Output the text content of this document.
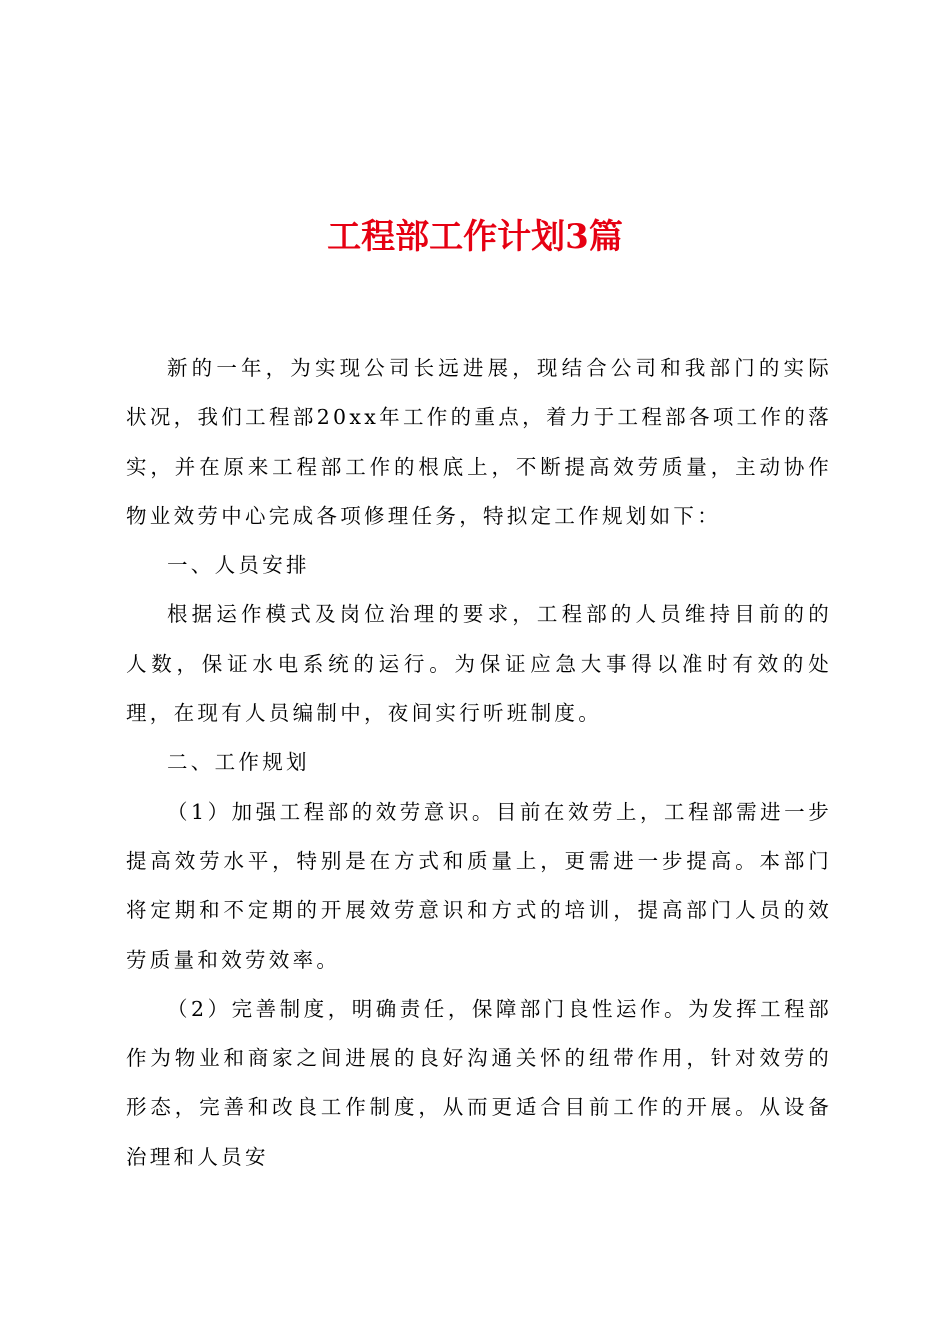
工程部工作计划3篇

新的一年，为实现公司长远进展，现结合公司和我部门的实际状况，我们工程部20xx年工作的重点，着力于工程部各项工作的落实，并在原来工程部工作的根底上，不断提高效劳质量，主动协作物业效劳中心完成各项修理任务，特拟定工作规划如下：

一、人员安排

根据运作模式及岗位治理的要求，工程部的人员维持目前的的人数，保证水电系统的运行。为保证应急大事得以准时有效的处理，在现有人员编制中，夜间实行听班制度。

二、工作规划

（1）加强工程部的效劳意识。目前在效劳上，工程部需进一步提高效劳水平，特别是在方式和质量上，更需进一步提高。本部门将定期和不定期的开展效劳意识和方式的培训，提高部门人员的效劳质量和效劳效率。

（2）完善制度，明确责任，保障部门良性运作。为发挥工程部作为物业和商家之间进展的良好沟通关怀的纽带作用，针对效劳的形态，完善和改良工作制度，从而更适合目前工作的开展。从设备治理和人员安
